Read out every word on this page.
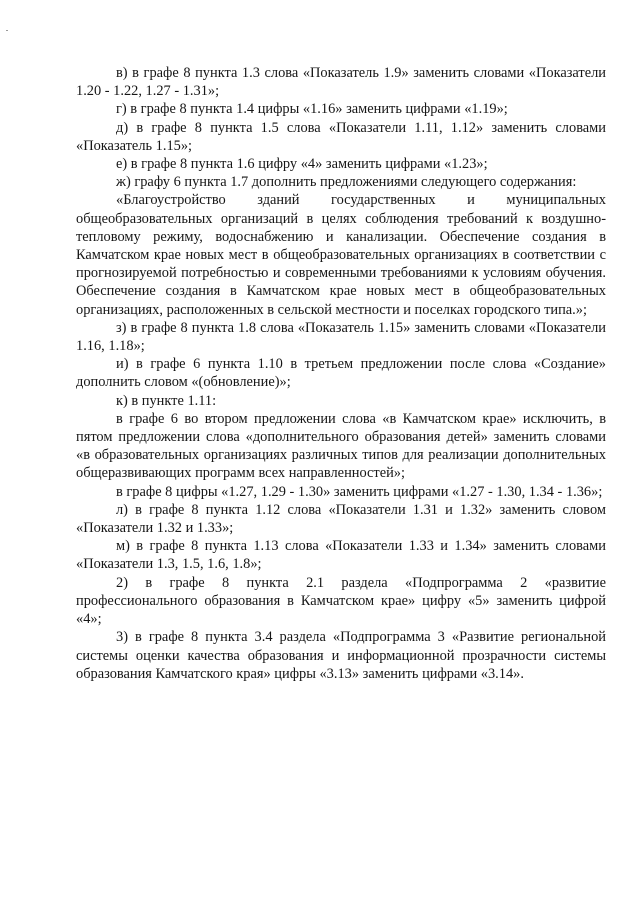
в) в графе 8 пункта 1.3 слова «Показатель 1.9» заменить словами «Показатели 1.20 - 1.22, 1.27 - 1.31»;

г) в графе 8 пункта 1.4 цифры «1.16» заменить цифрами «1.19»;

д) в графе 8 пункта 1.5 слова «Показатели 1.11, 1.12» заменить словами «Показатель 1.15»;

е) в графе 8 пункта 1.6 цифру «4» заменить цифрами «1.23»;

ж) графу 6 пункта 1.7 дополнить предложениями следующего содержания:

«Благоустройство зданий государственных и муниципальных общеобразовательных организаций в целях соблюдения требований к воздушно-тепловому режиму, водоснабжению и канализации. Обеспечение создания в Камчатском крае новых мест в общеобразовательных организациях в соответствии с прогнозируемой потребностью и современными требованиями к условиям обучения. Обеспечение создания в Камчатском крае новых мест в общеобразовательных организациях, расположенных в сельской местности и поселках городского типа.»;

з) в графе 8 пункта 1.8 слова «Показатель 1.15» заменить словами «Показатели 1.16, 1.18»;

и) в графе 6 пункта 1.10 в третьем предложении после слова «Создание» дополнить словом «(обновление)»;

к) в пункте 1.11:

в графе 6 во втором предложении слова «в Камчатском крае» исключить, в пятом предложении слова «дополнительного образования детей» заменить словами «в образовательных организациях различных типов для реализации дополнительных общеразвивающих программ всех направленностей»;

в графе 8 цифры «1.27, 1.29 - 1.30» заменить цифрами «1.27 - 1.30, 1.34 - 1.36»;

л) в графе 8 пункта 1.12 слова «Показатели 1.31 и 1.32» заменить словом «Показатели 1.32 и 1.33»;

м) в графе 8 пункта 1.13 слова «Показатели 1.33 и 1.34» заменить словами «Показатели 1.3, 1.5, 1.6, 1.8»;

2) в графе 8 пункта 2.1 раздела «Подпрограмма 2 «развитие профессионального образования в Камчатском крае» цифру «5» заменить цифрой «4»;

3) в графе 8 пункта 3.4 раздела «Подпрограмма 3 «Развитие региональной системы оценки качества образования и информационной прозрачности системы образования Камчатского края» цифры «3.13» заменить цифрами «3.14».
